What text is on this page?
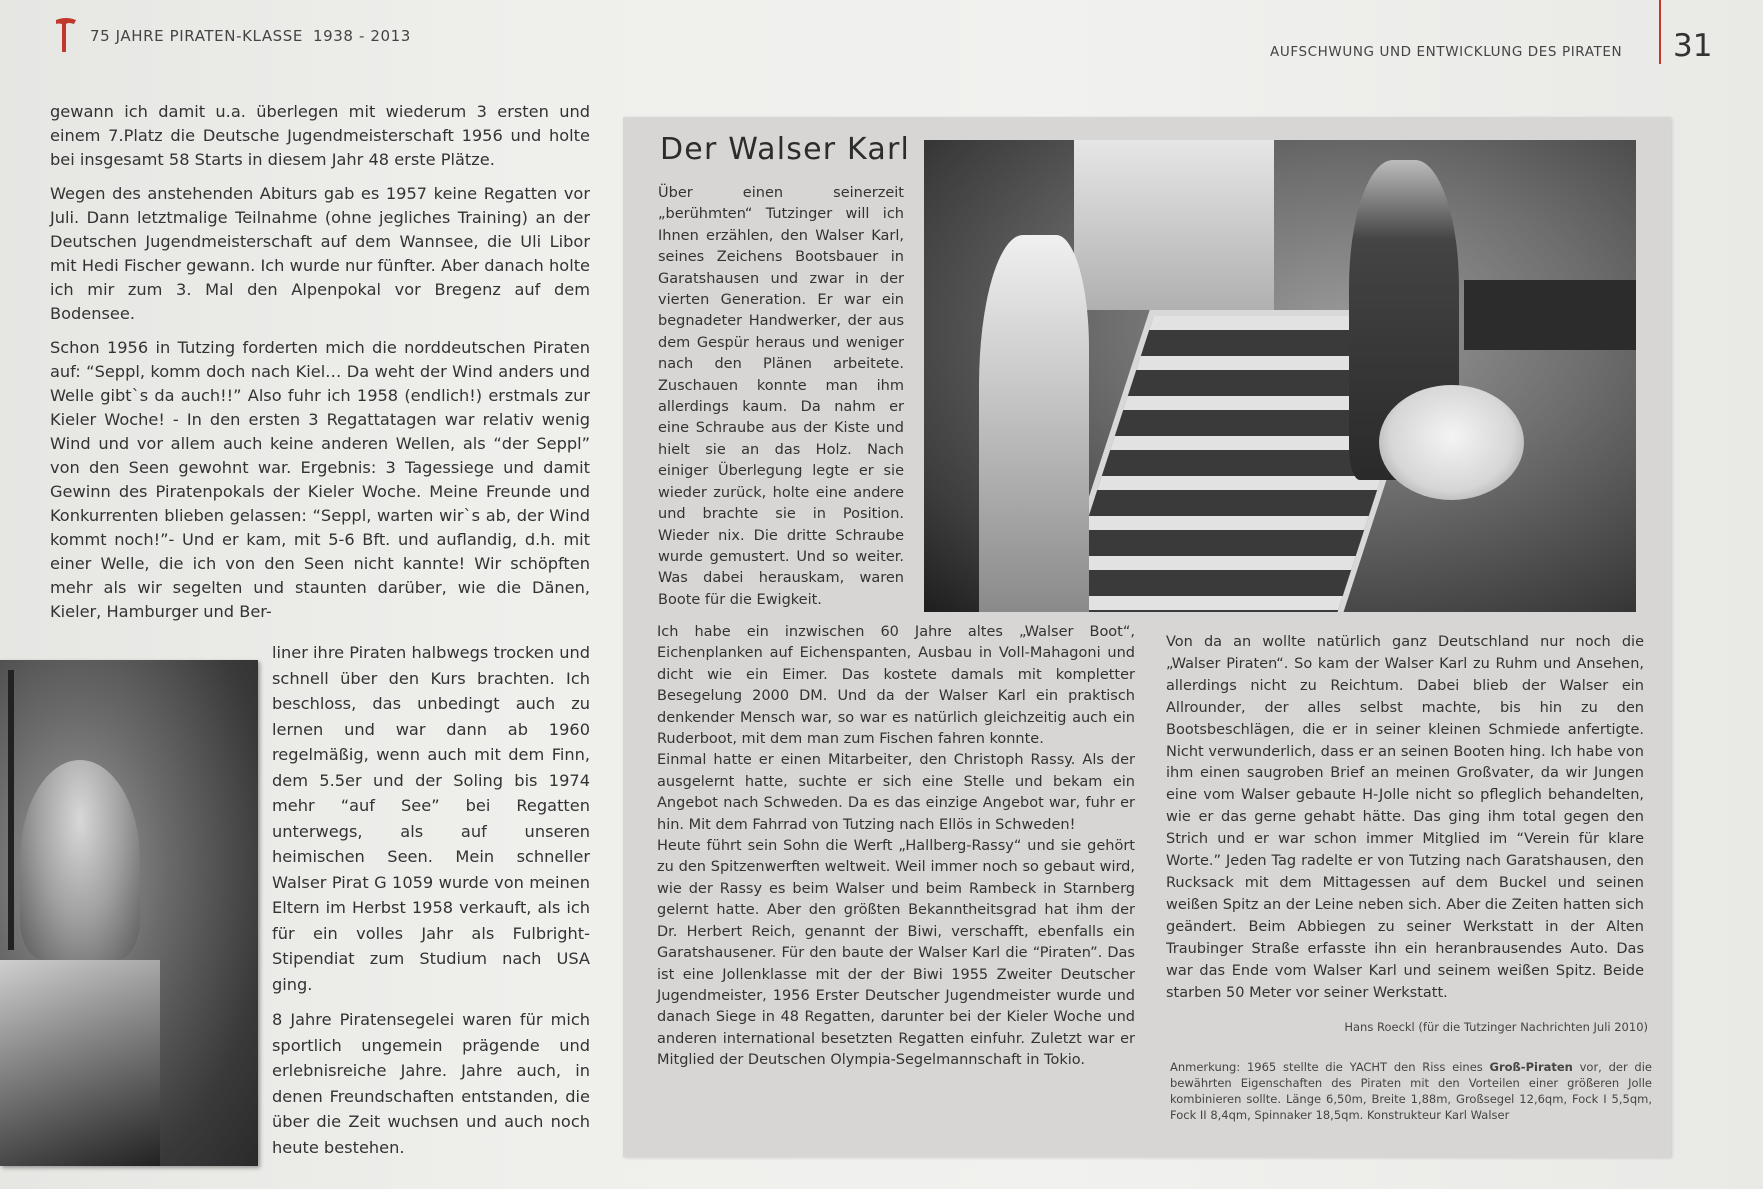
75 JAHRE PIRATEN-KLASSE 1938 - 2013
AUFSCHWUNG UND ENTWICKLUNG DES PIRATEN 31

gewann ich damit u.a. überlegen mit wiederum 3 ersten und einem 7.Platz die Deutsche Jugendmeisterschaft 1956 und holte bei insgesamt 58 Starts in diesem Jahr 48 erste Plätze.

Wegen des anstehenden Abiturs gab es 1957 keine Regatten vor Juli. Dann letztmalige Teilnahme (ohne jegliches Training) an der Deutschen Jugendmeisterschaft auf dem Wannsee, die Uli Libor mit Hedi Fischer gewann. Ich wurde nur fünfter. Aber danach holte ich mir zum 3. Mal den Alpenpokal vor Bregenz auf dem Bodensee.

Schon 1956 in Tutzing forderten mich die norddeutschen Piraten auf: “Seppl, komm doch nach Kiel… Da weht der Wind anders und Welle gibt`s da auch!!” Also fuhr ich 1958 (endlich!) erstmals zur Kieler Woche! - In den ersten 3 Regattatagen war relativ wenig Wind und vor allem auch keine anderen Wellen, als “der Seppl” von den Seen gewohnt war. Ergebnis: 3 Tagessiege und damit Gewinn des Piratenpokals der Kieler Woche. Meine Freunde und Konkurrenten blieben gelassen: “Seppl, warten wir`s ab, der Wind kommt noch!”- Und er kam, mit 5-6 Bft. und auflandig, d.h. mit einer Welle, die ich von den Seen nicht kannte! Wir schöpften mehr als wir segelten und staunten darüber, wie die Dänen, Kieler, Hamburger und Ber-

liner ihre Piraten halbwegs trocken und schnell über den Kurs brachten. Ich beschloss, das unbedingt auch zu lernen und war dann ab 1960 regelmäßig, wenn auch mit dem Finn, dem 5.5er und der Soling bis 1974 mehr “auf See” bei Regatten unterwegs, als auf unseren heimischen Seen. Mein schneller Walser Pirat G 1059 wurde von meinen Eltern im Herbst 1958 verkauft, als ich für ein volles Jahr als Fulbright- Stipendiat zum Studium nach USA ging.

8 Jahre Piratensegelei waren für mich sportlich ungemein prägende und erlebnisreiche Jahre. Jahre auch, in denen Freundschaften entstanden, die über die Zeit wuchsen und auch noch heute bestehen.

Der Walser Karl
Über einen seinerzeit „berühmten“ Tutzinger will ich Ihnen erzählen, den Walser Karl, seines Zeichens Bootsbauer in Garatshausen und zwar in der vierten Generation. Er war ein begnadeter Handwerker, der aus dem Gespür heraus und weniger nach den Plänen arbeitete. Zuschauen konnte man ihm allerdings kaum. Da nahm er eine Schraube aus der Kiste und hielt sie an das Holz. Nach einiger Überlegung legte er sie wieder zurück, holte eine andere und brachte sie in Position. Wieder nix. Die dritte Schraube wurde gemustert. Und so weiter. Was dabei herauskam, waren Boote für die Ewigkeit.

Ich habe ein inzwischen 60 Jahre altes „Walser Boot“, Eichenplanken auf Eichenspanten, Ausbau in Voll-Mahagoni und dicht wie ein Eimer. Das kostete damals mit kompletter Besegelung 2000 DM. Und da der Walser Karl ein praktisch denkender Mensch war, so war es natürlich gleichzeitig auch ein Ruderboot, mit dem man zum Fischen fahren konnte.

Einmal hatte er einen Mitarbeiter, den Christoph Rassy. Als der ausgelernt hatte, suchte er sich eine Stelle und bekam ein Angebot nach Schweden. Da es das einzige Angebot war, fuhr er hin. Mit dem Fahrrad von Tutzing nach Ellös in Schweden!

Heute führt sein Sohn die Werft „Hallberg-Rassy“ und sie gehört zu den Spitzenwerften weltweit. Weil immer noch so gebaut wird, wie der Rassy es beim Walser und beim Rambeck in Starnberg gelernt hatte. Aber den größten Bekanntheitsgrad hat ihm der Dr. Herbert Reich, genannt der Biwi, verschafft, ebenfalls ein Garatshausener. Für den baute der Walser Karl die “Piraten”. Das ist eine Jollenklasse mit der der Biwi 1955 Zweiter Deutscher Jugendmeister, 1956 Erster Deutscher Jugendmeister wurde und danach Siege in 48 Regatten, darunter bei der Kieler Woche und anderen international besetzten Regatten einfuhr. Zuletzt war er Mitglied der Deutschen Olympia-Segelmannschaft in Tokio.

Von da an wollte natürlich ganz Deutschland nur noch die „Walser Piraten“. So kam der Walser Karl zu Ruhm und Ansehen, allerdings nicht zu Reichtum. Dabei blieb der Walser ein Allrounder, der alles selbst machte, bis hin zu den Bootsbeschlägen, die er in seiner kleinen Schmiede anfertigte. Nicht verwunderlich, dass er an seinen Booten hing. Ich habe von ihm einen saugroben Brief an meinen Großvater, da wir Jungen eine vom Walser gebaute H-Jolle nicht so pfleglich behandelten, wie er das gerne gehabt hätte. Das ging ihm total gegen den Strich und er war schon immer Mitglied im “Verein für klare Worte.” Jeden Tag radelte er von Tutzing nach Garatshausen, den Rucksack mit dem Mittagessen auf dem Buckel und seinen weißen Spitz an der Leine neben sich. Aber die Zeiten hatten sich geändert. Beim Abbiegen zu seiner Werkstatt in der Alten Traubinger Straße erfasste ihn ein heranbrausendes Auto. Das war das Ende vom Walser Karl und seinem weißen Spitz. Beide starben 50 Meter vor seiner Werkstatt.

Hans Roeckl (für die Tutzinger Nachrichten Juli 2010)
Anmerkung: 1965 stellte die YACHT den Riss eines Groß-Piraten vor, der die bewährten Eigenschaften des Piraten mit den Vorteilen einer größeren Jolle kombinieren sollte. Länge 6,50m, Breite 1,88m, Großsegel 12,6qm, Fock I 5,5qm, Fock II 8,4qm, Spinnaker 18,5qm. Konstrukteur Karl Walser
